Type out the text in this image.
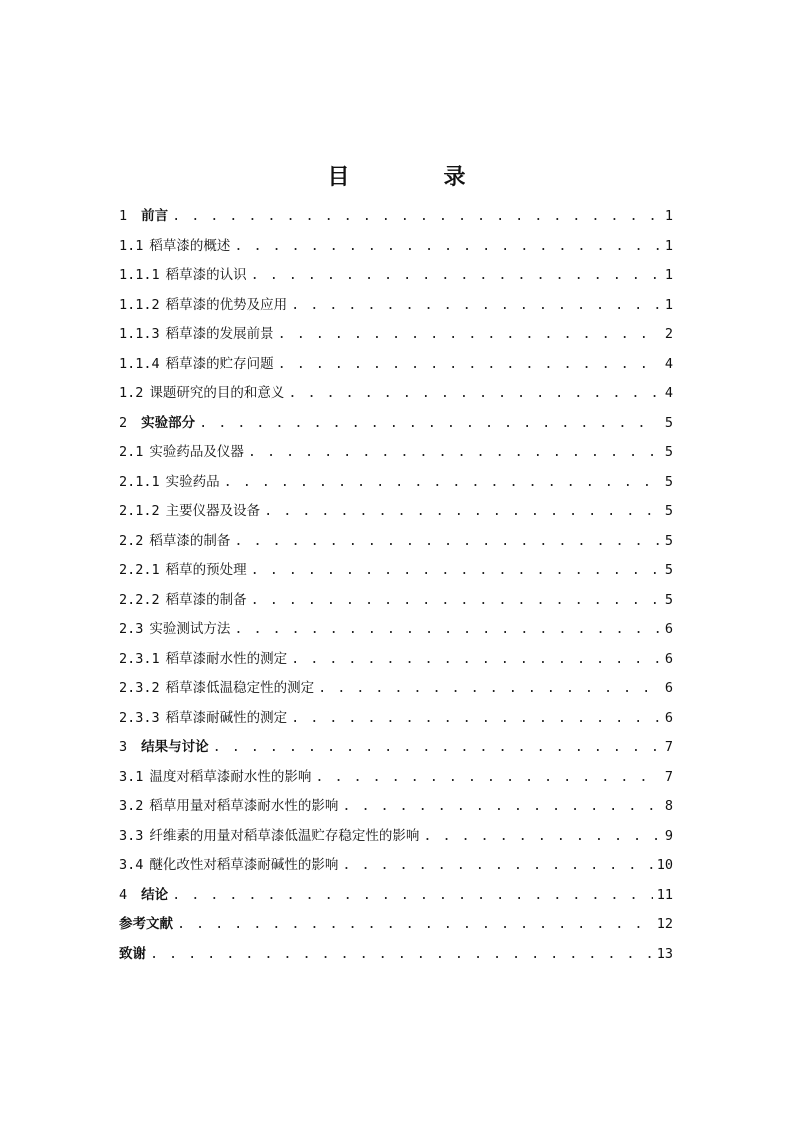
目　录
1 前言 . . .	1
1.1 稻草漆的概述 . . .	1
1.1.1 稻草漆的认识 . . .	1
1.1.2 稻草漆的优势及应用 . . .	1
1.1.3 稻草漆的发展前景 . . .	2
1.1.4 稻草漆的贮存问题 . . .	4
1.2 课题研究的目的和意义 . . .	4
2 实验部分 . . .	5
2.1 实验药品及仪器 . . .	5
2.1.1 实验药品 . . .	5
2.1.2 主要仪器及设备 . . .	5
2.2 稻草漆的制备 . . .	5
2.2.1 稻草的预处理 . . .	5
2.2.2 稻草漆的制备 . . .	5
2.3 实验测试方法 . . .	6
2.3.1 稻草漆耐水性的测定 . . .	6
2.3.2 稻草漆低温稳定性的测定 . . .	6
2.3.3 稻草漆耐碱性的测定 . . .	6
3 结果与讨论 . . .	7
3.1 温度对稻草漆耐水性的影响 . . .	7
3.2 稻草用量对稻草漆耐水性的影响 . . .	8
3.3 纤维素的用量对稻草漆低温贮存稳定性的影响 . . .	9
3.4 醚化改性对稻草漆耐碱性的影响 . . .	10
4 结论 . . .	11
参考文献 . . .	12
致谢 . . .	13
